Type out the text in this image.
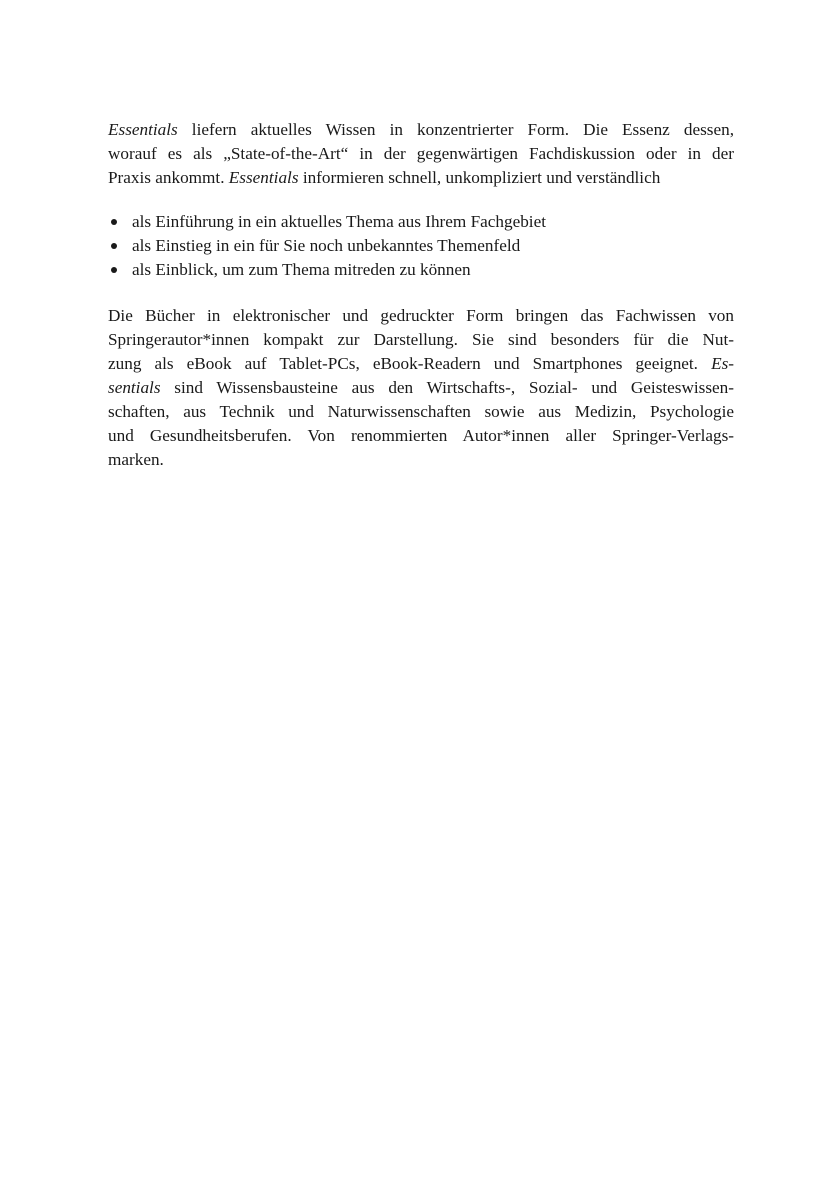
Essentials liefern aktuelles Wissen in konzentrierter Form. Die Essenz dessen,
worauf es als „State-of-the-Art“ in der gegenwärtigen Fachdiskussion oder in der
Praxis ankommt. Essentials informieren schnell, unkompliziert und verständlich
als Einführung in ein aktuelles Thema aus Ihrem Fachgebiet
als Einstieg in ein für Sie noch unbekanntes Themenfeld
als Einblick, um zum Thema mitreden zu können
Die Bücher in elektronischer und gedruckter Form bringen das Fachwissen von
Springerautor*innen kompakt zur Darstellung. Sie sind besonders für die Nut-
zung als eBook auf Tablet-PCs, eBook-Readern und Smartphones geeignet. Es-
sentials sind Wissensbausteine aus den Wirtschafts-, Sozial- und Geisteswissen-
schaften, aus Technik und Naturwissenschaften sowie aus Medizin, Psychologie
und Gesundheitsberufen. Von renommierten Autor*innen aller Springer-Verlags-
marken.
